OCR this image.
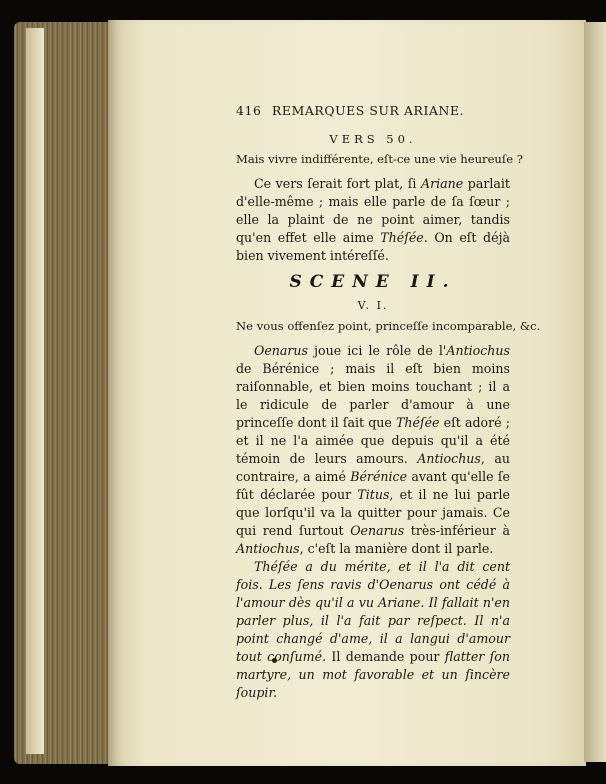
416 REMARQUES SUR ARIANE.
VERS 50.
Mais vivre indifférente, eſt-ce une vie heureuſe ?

Ce vers ſerait fort plat, ſi Ariane parlait d'elle-même ; mais elle parle de ſa ſœur ; elle la plaint de ne point aimer, tandis qu'en effet elle aime Théſée. On eſt déjà bien vivement intéreſſé.

SCENE II.
V. I.
Ne vous offenſez point, princeſſe incomparable, &c.

Oenarus joue ici le rôle de l'Antiochus de Bérénice ; mais il eſt bien moins raiſonnable, et bien moins touchant ; il a le ridicule de parler d'amour à une princeſſe dont il ſait que Théſée eſt adoré ; et il ne l'a aimée que depuis qu'il a été témoin de leurs amours. Antiochus, au contraire, a aimé Bérénice avant qu'elle ſe fût déclarée pour Titus, et il ne lui parle que lorſqu'il va la quitter pour jamais. Ce qui rend ſurtout Oenarus très-inférieur à Antiochus, c'eſt la manière dont il parle.

Théſée a du mérite, et il l'a dit cent fois. Les ſens ravis d'Oenarus ont cédé à l'amour dès qu'il a vu Ariane. Il fallait n'en parler plus, il l'a fait par reſpect. Il n'a point changé d'ame, il a langui d'amour tout conſumé. Il demande pour flatter ſon martyre, un mot favorable et un ſincère ſoupir.
